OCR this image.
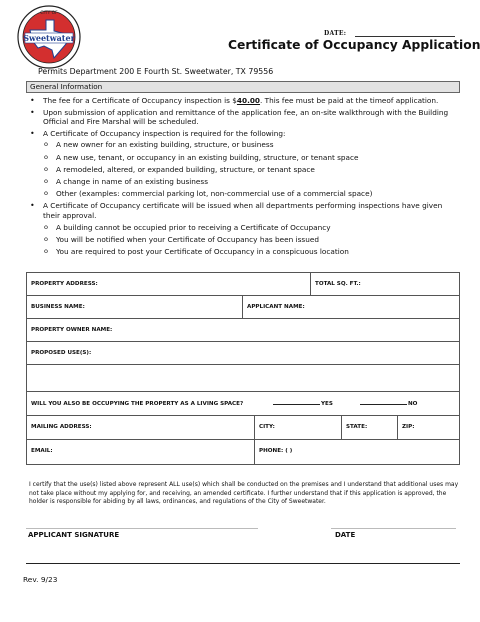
CITY OF
Sweetwater	DATE:
Certificate of Occupancy Application
Permits Department 200 E Fourth St. Sweetwater, TX 79556
General Information
• The fee for a Certificate of Occupancy inspection is $40.00. This fee must be paid at the timeof application.
• Upon submission of application and remittance of the application fee, an on-site walkthrough with the Building Official and Fire Marshal will be scheduled.
• A Certificate of Occupancy inspection is required for the following:
o A new owner for an existing building, structure, or business
o A new use, tenant, or occupancy in an existing building, structure, or tenant space
o A remodeled, altered, or expanded building, structure, or tenant space
o A change in name of an existing business
o Other (examples: commercial parking lot, non-commercial use of a commercial space)
• A Certificate of Occupancy certificate will be issued when all departments performing inspections have given their approval.
o A building cannot be occupied prior to receiving a Certificate of Occupancy
o You will be notified when your Certificate of Occupancy has been issued
o You are required to post your Certificate of Occupancy in a conspicuous location
PROPERTY ADDRESS:	TOTAL SQ. FT.:
BUSINESS NAME:	APPLICANT NAME:
PROPERTY OWNER NAME:
PROPOSED USE(S):
WILL YOU ALSO BE OCCUPYING THE PROPERTY AS A LIVING SPACE?	YES	NO
MAILING ADDRESS:	CITY:	STATE:	ZIP:
EMAIL:	PHONE: ( )
I certify that the use(s) listed above represent ALL use(s) which shall be conducted on the premises and I understand that additional uses may not take place without my applying for, and receiving, an amended certificate. I further understand that if this application is approved, the holder is responsible for abiding by all laws, ordinances, and regulations of the City of Sweetwater.
APPLICANT SIGNATURE	DATE
Rev. 9/23
